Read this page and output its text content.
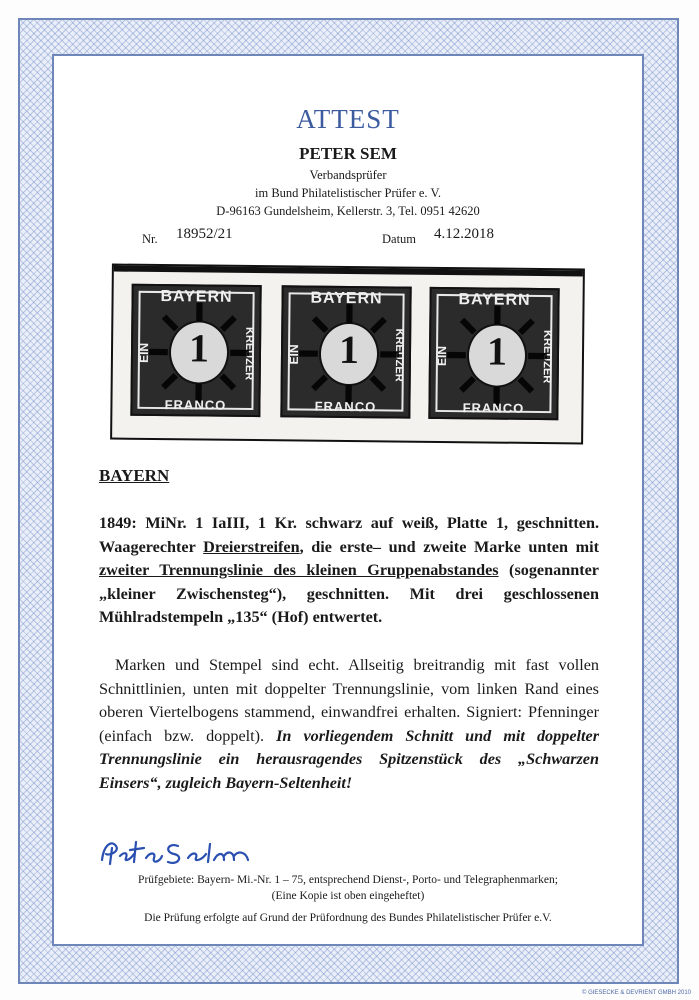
ATTEST
PETER SEM
Verbandsprüfer
im Bund Philatelistischer Prüfer e. V.
D-96163 Gundelsheim, Kellerstr. 3, Tel. 0951 42620
Nr. 18952/21	Datum 4.12.2018
BAYERN
EIN	KREUZER
1
FRANCO
BAYERN
EIN	KREUZER
1
FRANCO
BAYERN
EIN	KREUZER
1
FRANCO
BAYERN
1849: MiNr. 1 IaIII, 1 Kr. schwarz auf weiß, Platte 1, geschnitten. Waagerechter Dreierstreifen, die erste– und zweite Marke unten mit zweiter Trennungslinie des kleinen Gruppenabstandes (sogenannter „kleiner Zwischensteg“), geschnitten. Mit drei geschlossenen Mühlradstempeln „135“ (Hof) entwertet.
Marken und Stempel sind echt. Allseitig breitrandig mit fast vollen Schnittlinien, unten mit doppelter Trennungslinie, vom linken Rand eines oberen Viertelbogens stammend, einwandfrei erhalten. Signiert: Pfenninger (einfach bzw. doppelt). In vorliegendem Schnitt und mit doppelter Trennungslinie ein herausragendes Spitzenstück des „Schwarzen Einsers“, zugleich Bayern-Seltenheit!
Prüfgebiete: Bayern- Mi.-Nr. 1 – 75, entsprechend Dienst-, Porto- und Telegraphenmarken;
(Eine Kopie ist oben eingeheftet)
Die Prüfung erfolgte auf Grund der Prüfordnung des Bundes Philatelistischer Prüfer e.V.
© GIESECKE & DEVRIENT GMBH 2010
